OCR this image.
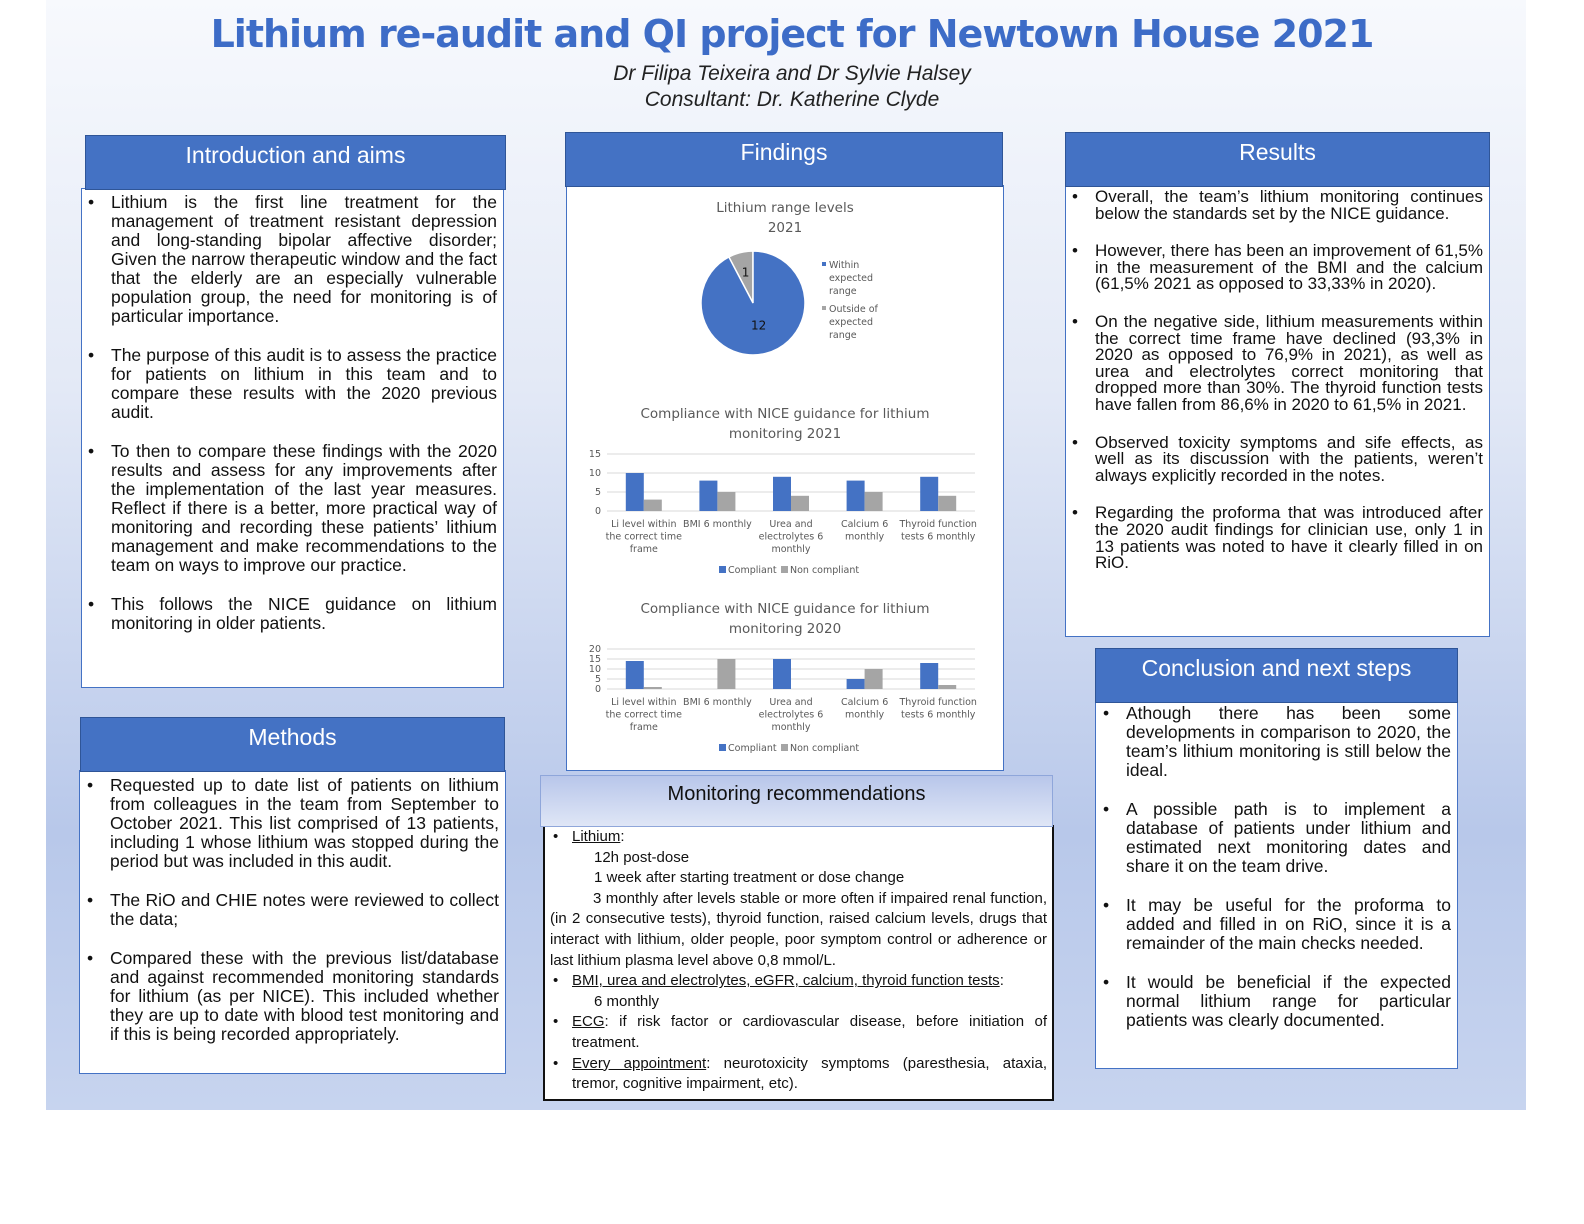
Lithium re-audit and QI project for Newtown House 2021
Dr Filipa Teixeira and Dr Sylvie Halsey
Consultant: Dr. Katherine Clyde
Introduction and aims
• Lithium is the first line treatment for the management of treatment resistant depression and long-standing bipolar affective disorder; Given the narrow therapeutic window and the fact that the elderly are an especially vulnerable population group, the need for monitoring is of particular importance.
• The purpose of this audit is to assess the practice for patients on lithium in this team and to compare these results with the 2020 previous audit.
• To then to compare these findings with the 2020 results and assess for any improvements after the implementation of the last year measures. Reflect if there is a better, more practical way of monitoring and recording these patients’ lithium management and make recommendations to the team on ways to improve our practice.
• This follows the NICE guidance on lithium monitoring in older patients.
Methods
• Requested up to date list of patients on lithium from colleagues in the team from September to October 2021. This list comprised of 13 patients, including 1 whose lithium was stopped during the period but was included in this audit.
• The RiO and CHIE notes were reviewed to collect the data;
• Compared these with the previous list/database and against recommended monitoring standards for lithium (as per NICE). This included whether they are up to date with blood test monitoring and if this is being recorded appropriately.
Findings
Lithium range levels
2021
1
12
Within expected range
Outside of expected range
Compliance with NICE guidance for lithium
monitoring 2021
0
5
10
15
Li level within the correct time frame
BMI 6 monthly	Urea and electrolytes 6 monthly
Calcium 6 monthly
Thyroid function tests 6 monthly
Compliant Non compliant
Compliance with NICE guidance for lithium
monitoring 2020
0
5
10
15
20
Li level within the correct time frame
BMI 6 monthly	Urea and electrolytes 6 monthly
Calcium 6 monthly
Thyroid function tests 6 monthly
Compliant Non compliant
Monitoring recommendations
• Lithium:
12h post-dose
1 week after starting treatment or dose change
3 monthly after levels stable or more often if impaired renal function, (in 2 consecutive tests), thyroid function, raised calcium levels, drugs that interact with lithium, older people, poor symptom control or adherence or last lithium plasma level above 0,8 mmol/L.
• BMI, urea and electrolytes, eGFR, calcium, thyroid function tests:
6 monthly
• ECG: if risk factor or cardiovascular disease, before initiation of treatment.
• Every appointment: neurotoxicity symptoms (paresthesia, ataxia, tremor, cognitive impairment, etc).
Results
• Overall, the team’s lithium monitoring continues below the standards set by the NICE guidance.
• However, there has been an improvement of 61,5% in the measurement of the BMI and the calcium (61,5% 2021 as opposed to 33,33% in 2020).
• On the negative side, lithium measurements within the correct time frame have declined (93,3% in 2020 as opposed to 76,9% in 2021), as well as urea and electrolytes correct monitoring that dropped more than 30%. The thyroid function tests have fallen from 86,6% in 2020 to 61,5% in 2021.
• Observed toxicity symptoms and sife effects, as well as its discussion with the patients, weren’t always explicitly recorded in the notes.
• Regarding the proforma that was introduced after the 2020 audit findings for clinician use, only 1 in 13 patients was noted to have it clearly filled in on RiO.
Conclusion and next steps
• Athough there has been some developments in comparison to 2020, the team’s lithium monitoring is still below the ideal.
• A possible path is to implement a database of patients under lithium and estimated next monitoring dates and share it on the team drive.
• It may be useful for the proforma to added and filled in on RiO, since it is a remainder of the main checks needed.
• It would be beneficial if the expected normal lithium range for particular patients was clearly documented.
